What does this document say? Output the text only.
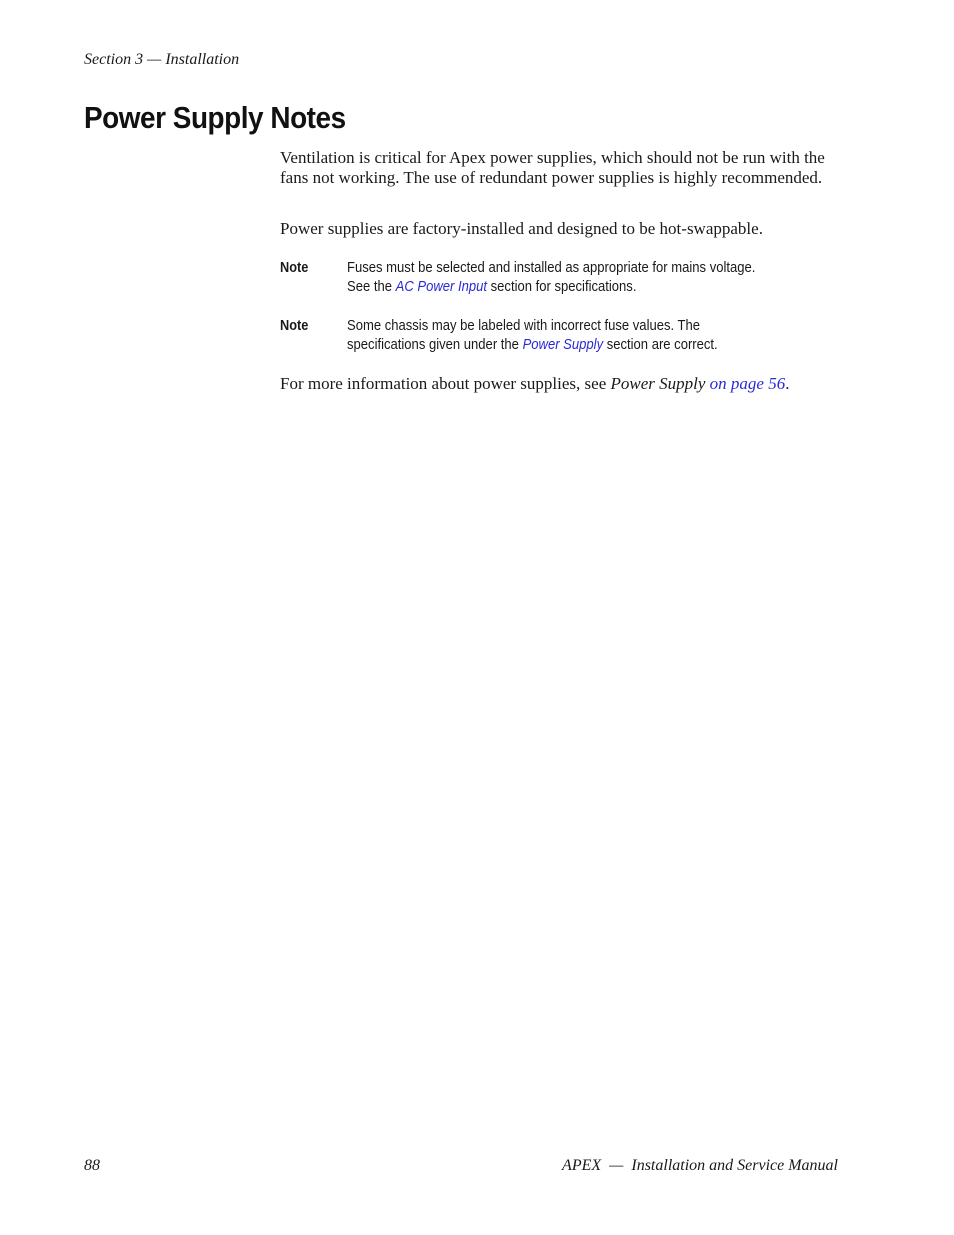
Section 3 — Installation
Power Supply Notes

Ventilation is critical for Apex power supplies, which should not be run with the fans not working. The use of redundant power supplies is highly recommended.

Power supplies are factory-installed and designed to be hot-swappable.

Note	Fuses must be selected and installed as appropriate for mains voltage. See the AC Power Input section for specifications.
Note	Some chassis may be labeled with incorrect fuse values. The specifications given under the Power Supply section are correct.

For more information about power supplies, see Power Supply on page 56.

88	APEX  —  Installation and Service Manual
